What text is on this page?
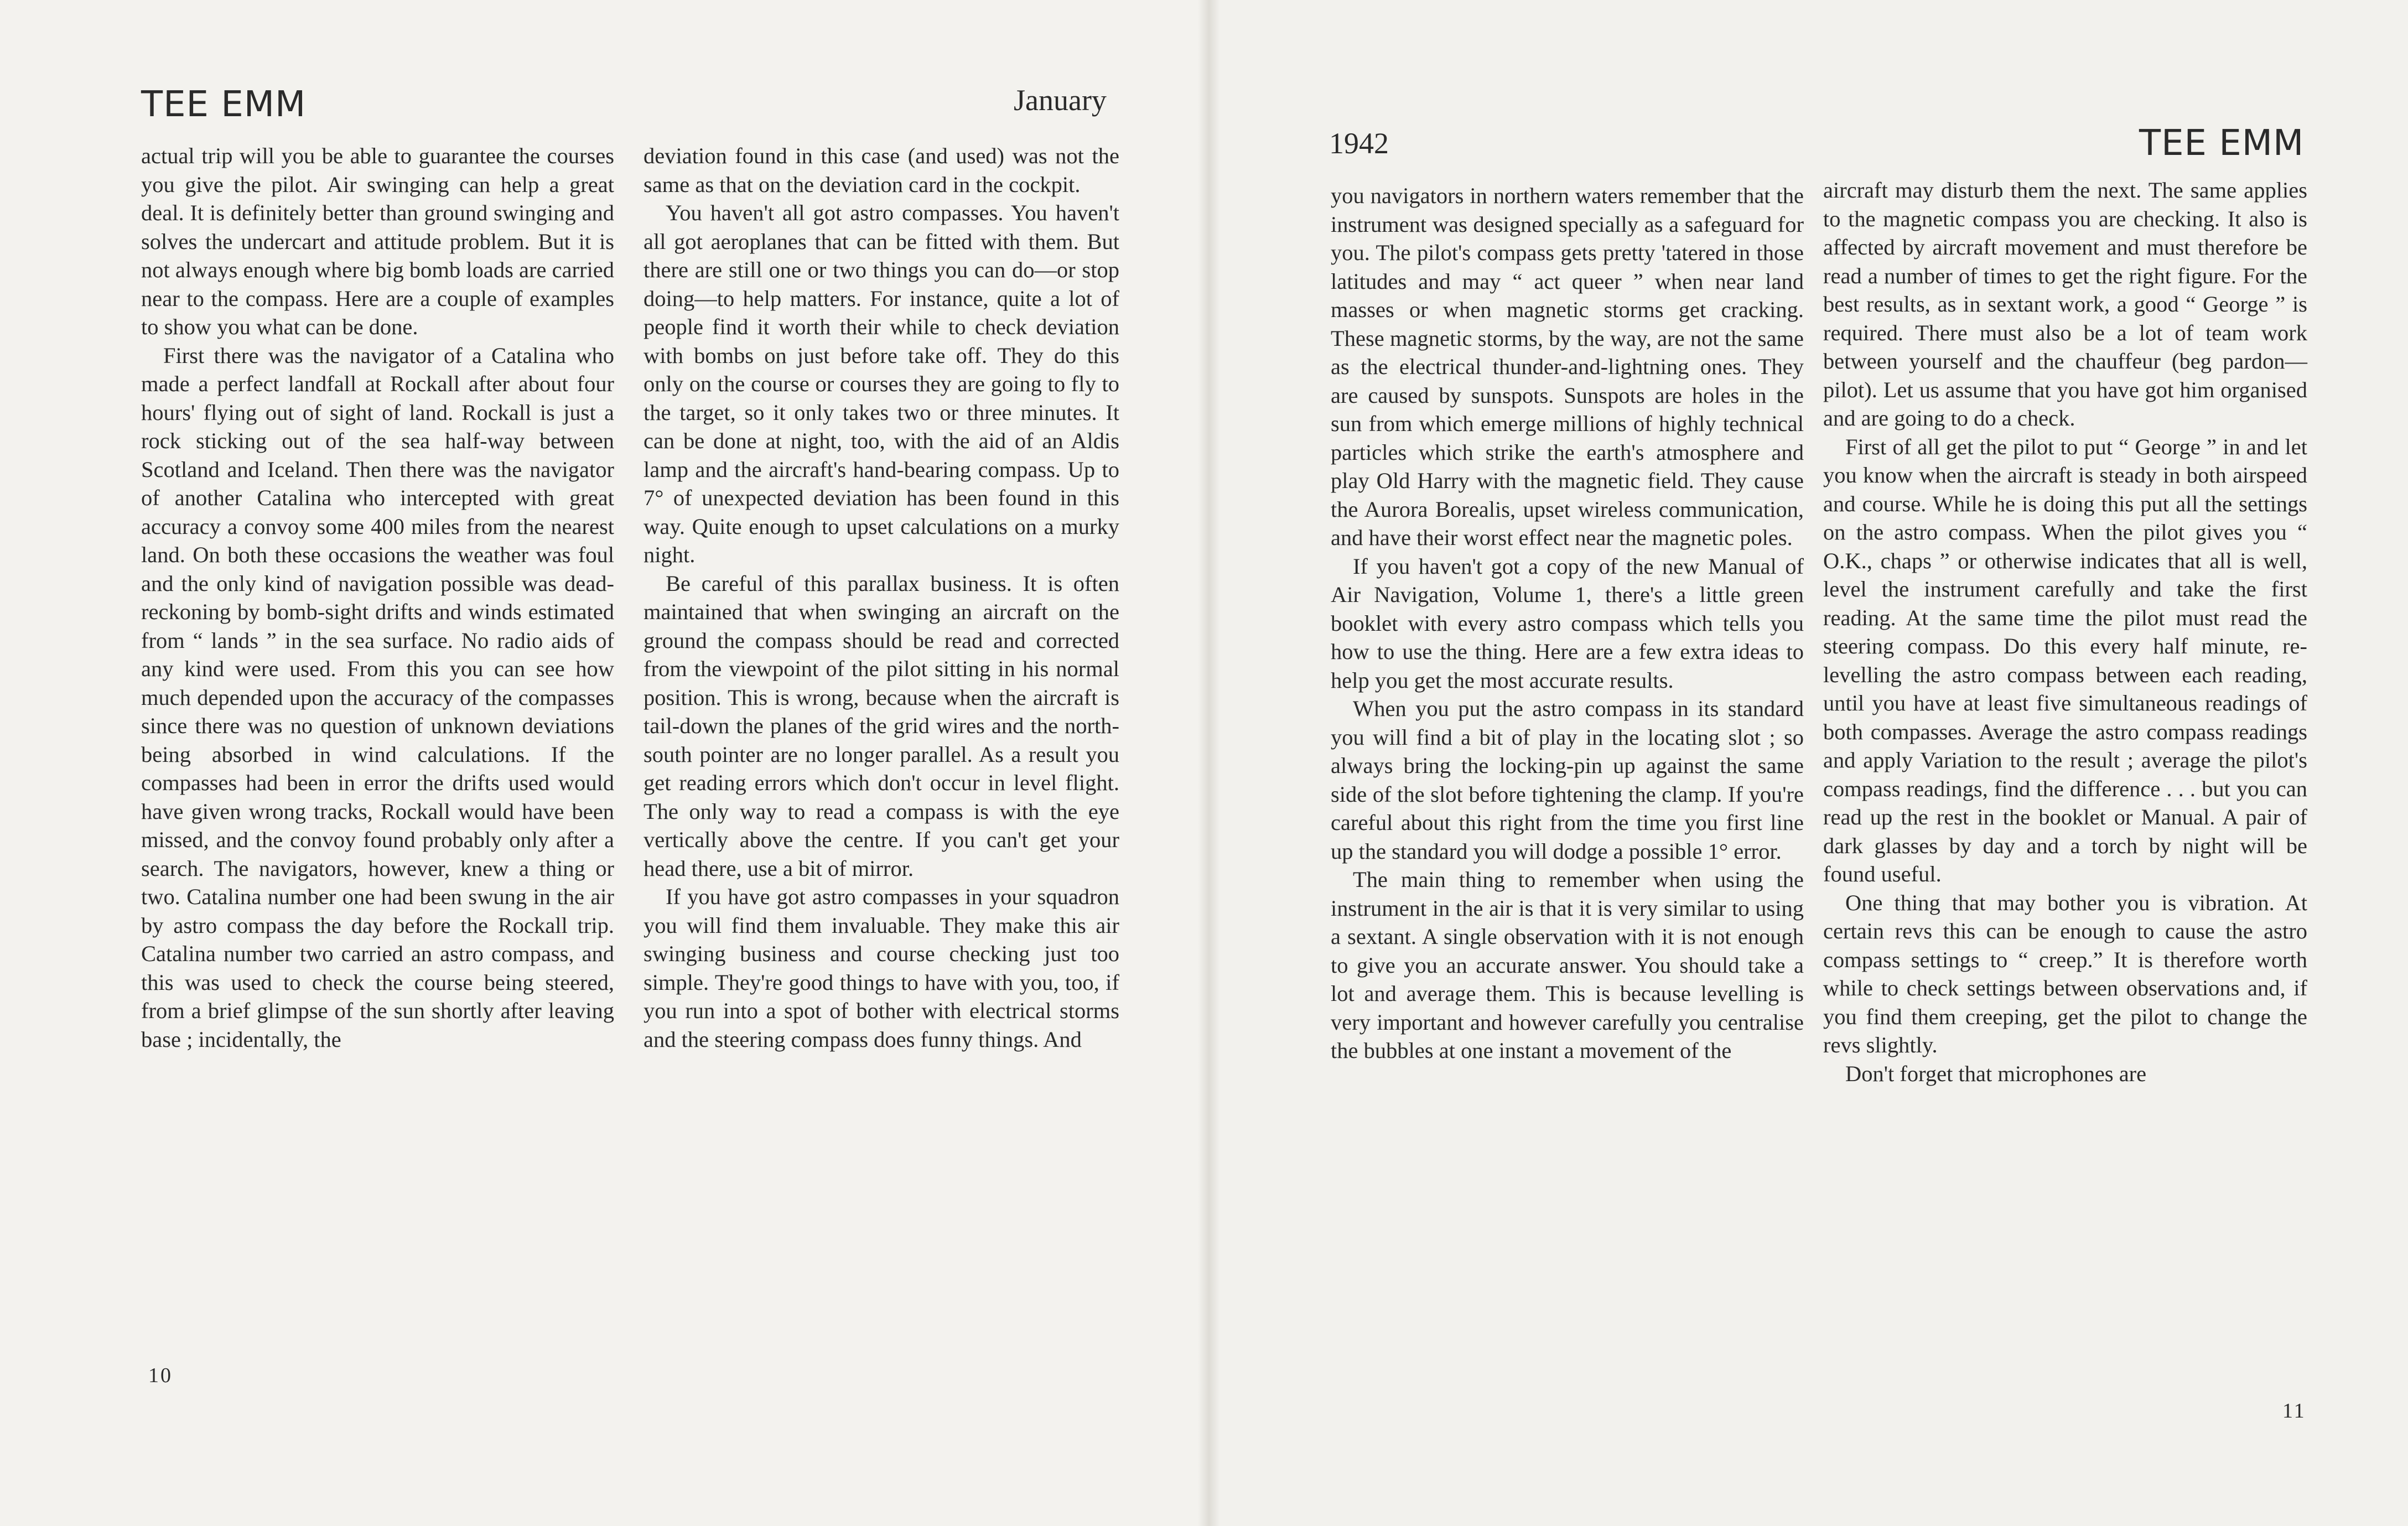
TEE EMM	January

actual trip will you be able to guarantee the courses you give the pilot. Air swinging can help a great deal. It is definitely better than ground swinging and solves the undercart and attitude problem. But it is not always enough where big bomb loads are carried near to the compass. Here are a couple of examples to show you what can be done.

First there was the navigator of a Catalina who made a perfect landfall at Rockall after about four hours' flying out of sight of land. Rockall is just a rock sticking out of the sea half-way between Scotland and Iceland. Then there was the navigator of another Catalina who intercepted with great accuracy a convoy some 400 miles from the nearest land. On both these occasions the weather was foul and the only kind of navigation possible was dead-reckoning by bomb-sight drifts and winds estimated from “ lands ” in the sea surface. No radio aids of any kind were used. From this you can see how much depended upon the accuracy of the compasses since there was no question of unknown deviations being absorbed in wind calculations. If the compasses had been in error the drifts used would have given wrong tracks, Rockall would have been missed, and the convoy found probably only after a search. The navigators, however, knew a thing or two. Catalina number one had been swung in the air by astro compass the day before the Rockall trip. Catalina number two carried an astro compass, and this was used to check the course being steered, from a brief glimpse of the sun shortly after leaving base ; incidentally, the

deviation found in this case (and used) was not the same as that on the deviation card in the cockpit.

You haven't all got astro compasses. You haven't all got aeroplanes that can be fitted with them. But there are still one or two things you can do—or stop doing—to help matters. For instance, quite a lot of people find it worth their while to check deviation with bombs on just before take off. They do this only on the course or courses they are going to fly to the target, so it only takes two or three minutes. It can be done at night, too, with the aid of an Aldis lamp and the aircraft's hand-bearing compass. Up to 7° of unexpected deviation has been found in this way. Quite enough to upset calculations on a murky night.

Be careful of this parallax business. It is often maintained that when swinging an aircraft on the ground the compass should be read and corrected from the viewpoint of the pilot sitting in his normal position. This is wrong, because when the aircraft is tail-down the planes of the grid wires and the north-south pointer are no longer parallel. As a result you get reading errors which don't occur in level flight. The only way to read a compass is with the eye vertically above the centre. If you can't get your head there, use a bit of mirror.

If you have got astro compasses in your squadron you will find them invaluable. They make this air swinging business and course checking just too simple. They're good things to have with you, too, if you run into a spot of bother with electrical storms and the steering compass does funny things. And

10
1942	TEE EMM

you navigators in northern waters remember that the instrument was designed specially as a safeguard for you. The pilot's compass gets pretty 'tatered in those latitudes and may “ act queer ” when near land masses or when magnetic storms get cracking. These magnetic storms, by the way, are not the same as the electrical thunder-and-lightning ones. They are caused by sunspots. Sunspots are holes in the sun from which emerge millions of highly technical particles which strike the earth's atmosphere and play Old Harry with the magnetic field. They cause the Aurora Borealis, upset wireless communication, and have their worst effect near the magnetic poles.

If you haven't got a copy of the new Manual of Air Navigation, Volume 1, there's a little green booklet with every astro compass which tells you how to use the thing. Here are a few extra ideas to help you get the most accurate results.

When you put the astro compass in its standard you will find a bit of play in the locating slot ; so always bring the locking-pin up against the same side of the slot before tightening the clamp. If you're careful about this right from the time you first line up the standard you will dodge a possible 1° error.

The main thing to remember when using the instrument in the air is that it is very similar to using a sextant. A single observation with it is not enough to give you an accurate answer. You should take a lot and average them. This is because levelling is very important and however carefully you centralise the bubbles at one instant a movement of the

aircraft may disturb them the next. The same applies to the magnetic compass you are checking. It also is affected by aircraft movement and must therefore be read a number of times to get the right figure. For the best results, as in sextant work, a good “ George ” is required. There must also be a lot of team work between yourself and the chauffeur (beg pardon—pilot). Let us assume that you have got him organised and are going to do a check.

First of all get the pilot to put “ George ” in and let you know when the aircraft is steady in both airspeed and course. While he is doing this put all the settings on the astro compass. When the pilot gives you “ O.K., chaps ” or otherwise indicates that all is well, level the instrument carefully and take the first reading. At the same time the pilot must read the steering compass. Do this every half minute, re-levelling the astro compass between each reading, until you have at least five simultaneous readings of both compasses. Average the astro compass readings and apply Variation to the result ; average the pilot's compass readings, find the difference . . . but you can read up the rest in the booklet or Manual. A pair of dark glasses by day and a torch by night will be found useful.

One thing that may bother you is vibration. At certain revs this can be enough to cause the astro compass settings to “ creep.” It is therefore worth while to check settings between observations and, if you find them creeping, get the pilot to change the revs slightly.

Don't forget that microphones are

11
